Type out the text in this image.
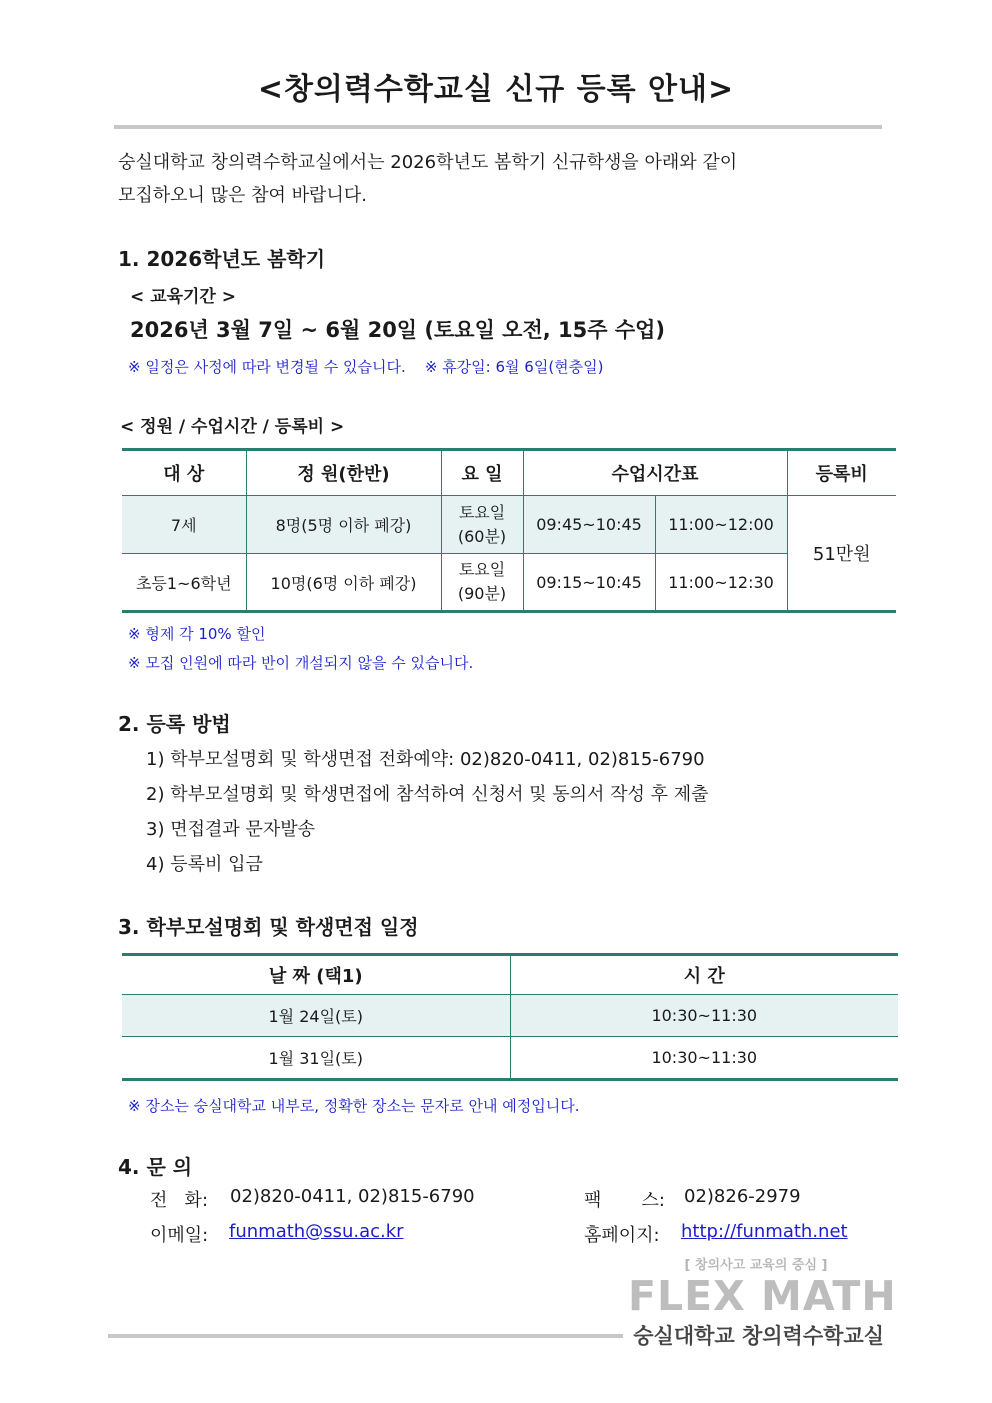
<창의력수학교실 신규 등록 안내>
숭실대학교 창의력수학교실에서는 2026학년도 봄학기 신규학생을 아래와 같이
모집하오니 많은 참여 바랍니다.
1. 2026학년도 봄학기
< 교육기간 >
2026년 3월 7일 ~ 6월 20일 (토요일 오전, 15주 수업)
※ 일정은 사정에 따라 변경될 수 있습니다.    ※ 휴강일: 6월 6일(현충일)
< 정원 / 수업시간 / 등록비 >
대 상	정 원(한반)	요 일	수업시간표		등록비
7세	8명(5명 이하 폐강)	토요일
(60분)	09:45~10:45	11:00~12:00	51만원
초등1~6학년	10명(6명 이하 폐강)	토요일
(90분)	09:15~10:45	11:00~12:30	
※ 형제 각 10% 할인
※ 모집 인원에 따라 반이 개설되지 않을 수 있습니다.
2. 등록 방법
1) 학부모설명회 및 학생면접 전화예약: 02)820-0411, 02)815-6790
2) 학부모설명회 및 학생면접에 참석하여 신청서 및 동의서 작성 후 제출
3) 면접결과 문자발송
4) 등록비 입금
3. 학부모설명회 및 학생면접 일정
날 짜 (택1)	시 간
1월 24일(토)	10:30~11:30
1월 31일(토)	10:30~11:30
※ 장소는 숭실대학교 내부로, 정확한 장소는 문자로 안내 예정입니다.
4. 문 의
전   화: 02)820-0411, 02)815-6790	팩       스: 02)826-2979
이메일: funmath@ssu.ac.kr	홈페이지: http://funmath.net
[ 창의사고 교육의 중심 ]
FLEX MATH
숭실대학교 창의력수학교실
